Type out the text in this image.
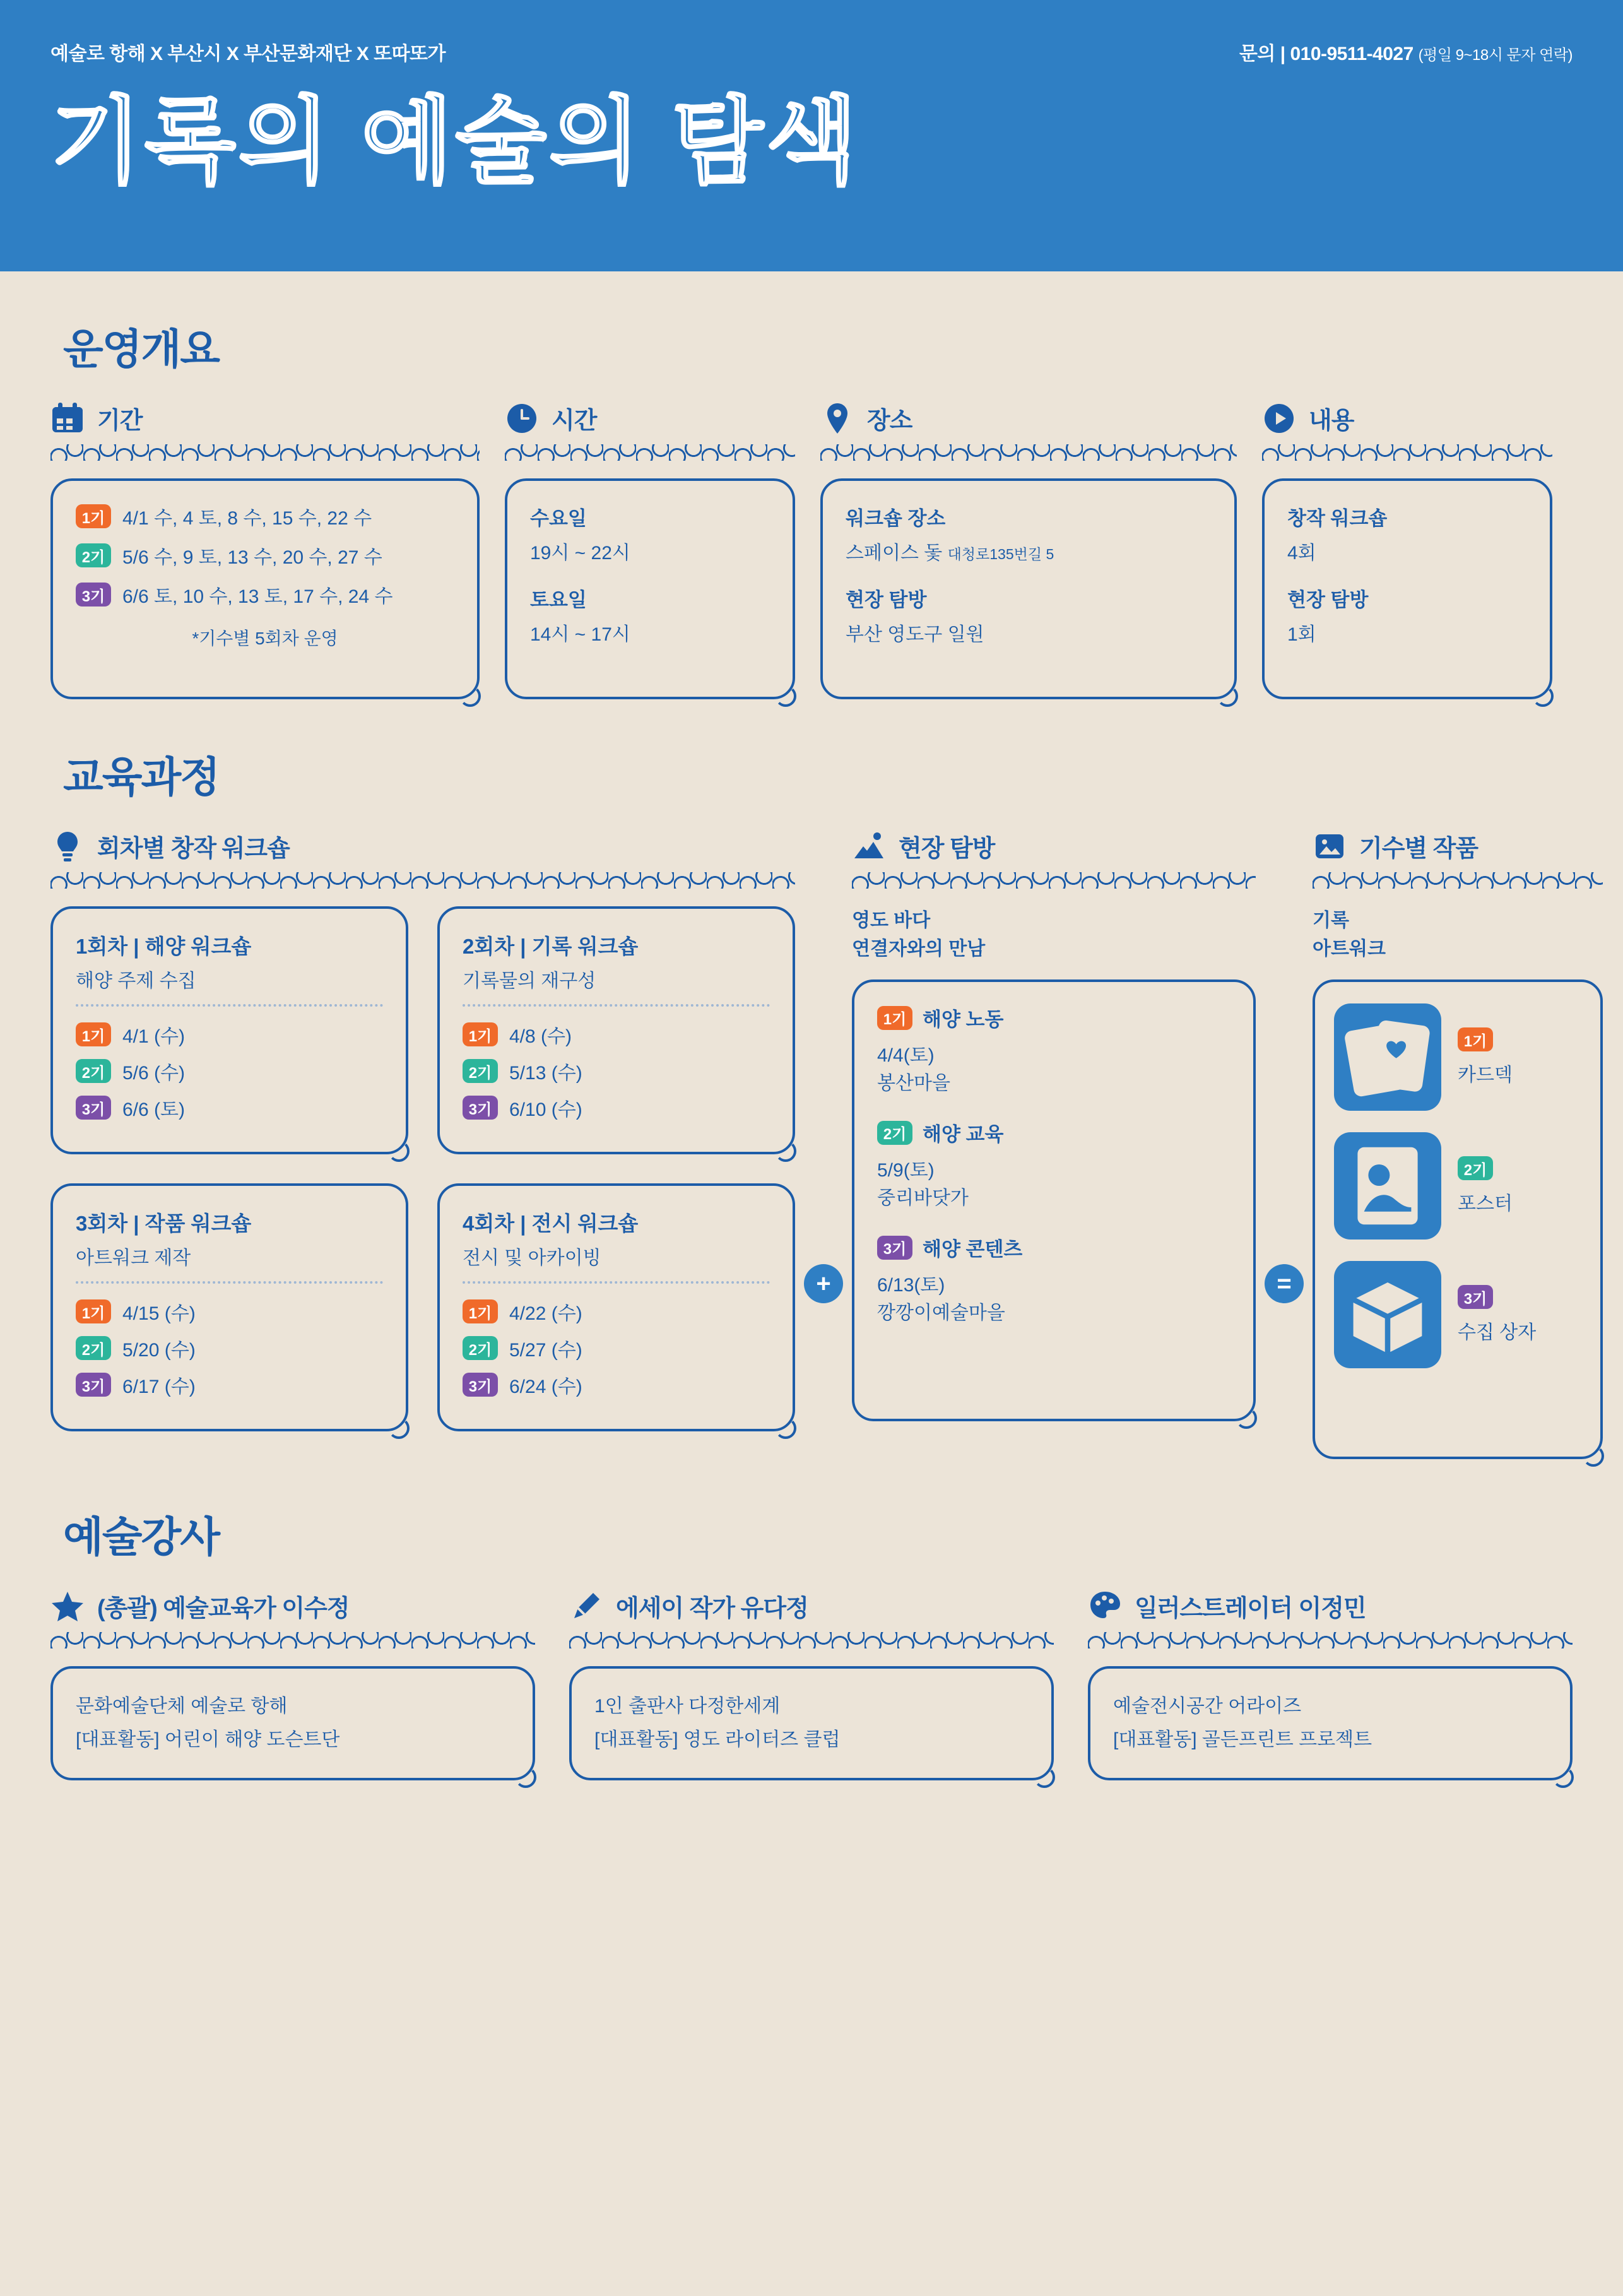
예술로 항해 X 부산시 X 부산문화재단 X 또따또가	문의 | 010-9511-4027 (평일 9~18시 문자 연락)
기록의 예술의 탐색
운영개요
기간
1기 4/1 수, 4 토, 8 수, 15 수, 22 수
2기 5/6 수, 9 토, 13 수, 20 수, 27 수
3기 6/6 토, 10 수, 13 토, 17 수, 24 수
*기수별 5회차 운영
시간
수요일
19시 ~ 22시
토요일
14시 ~ 17시
장소
워크숍 장소
스페이스 돛 대청로135번길 5
현장 탐방
부산 영도구 일원
내용
창작 워크숍
4회
현장 탐방
1회
교육과정
회차별 창작 워크숍
1회차 | 해양 워크숍
해양 주제 수집
1기 4/1 (수)
2기 5/6 (수)
3기 6/6 (토)
2회차 | 기록 워크숍
기록물의 재구성
1기 4/8 (수)
2기 5/13 (수)
3기 6/10 (수)
3회차 | 작품 워크숍
아트워크 제작
1기 4/15 (수)
2기 5/20 (수)
3기 6/17 (수)
4회차 | 전시 워크숍
전시 및 아카이빙
1기 4/22 (수)
2기 5/27 (수)
3기 6/24 (수)
+
현장 탐방
영도 바다
연결자와의 만남
1기 해양 노동
4/4(토)
봉산마을
2기 해양 교육
5/9(토)
중리바닷가
3기 해양 콘텐츠
6/13(토)
깡깡이예술마을
=
기수별 작품
기록
아트워크
1기
카드덱
2기
포스터
3기
수집 상자
예술강사
(총괄) 예술교육가 이수정
문화예술단체 예술로 항해
[대표활동] 어린이 해양 도슨트단
에세이 작가 유다정
1인 출판사 다정한세계
[대표활동] 영도 라이터즈 클럽
일러스트레이터 이정민
예술전시공간 어라이즈
[대표활동] 골든프린트 프로젝트
